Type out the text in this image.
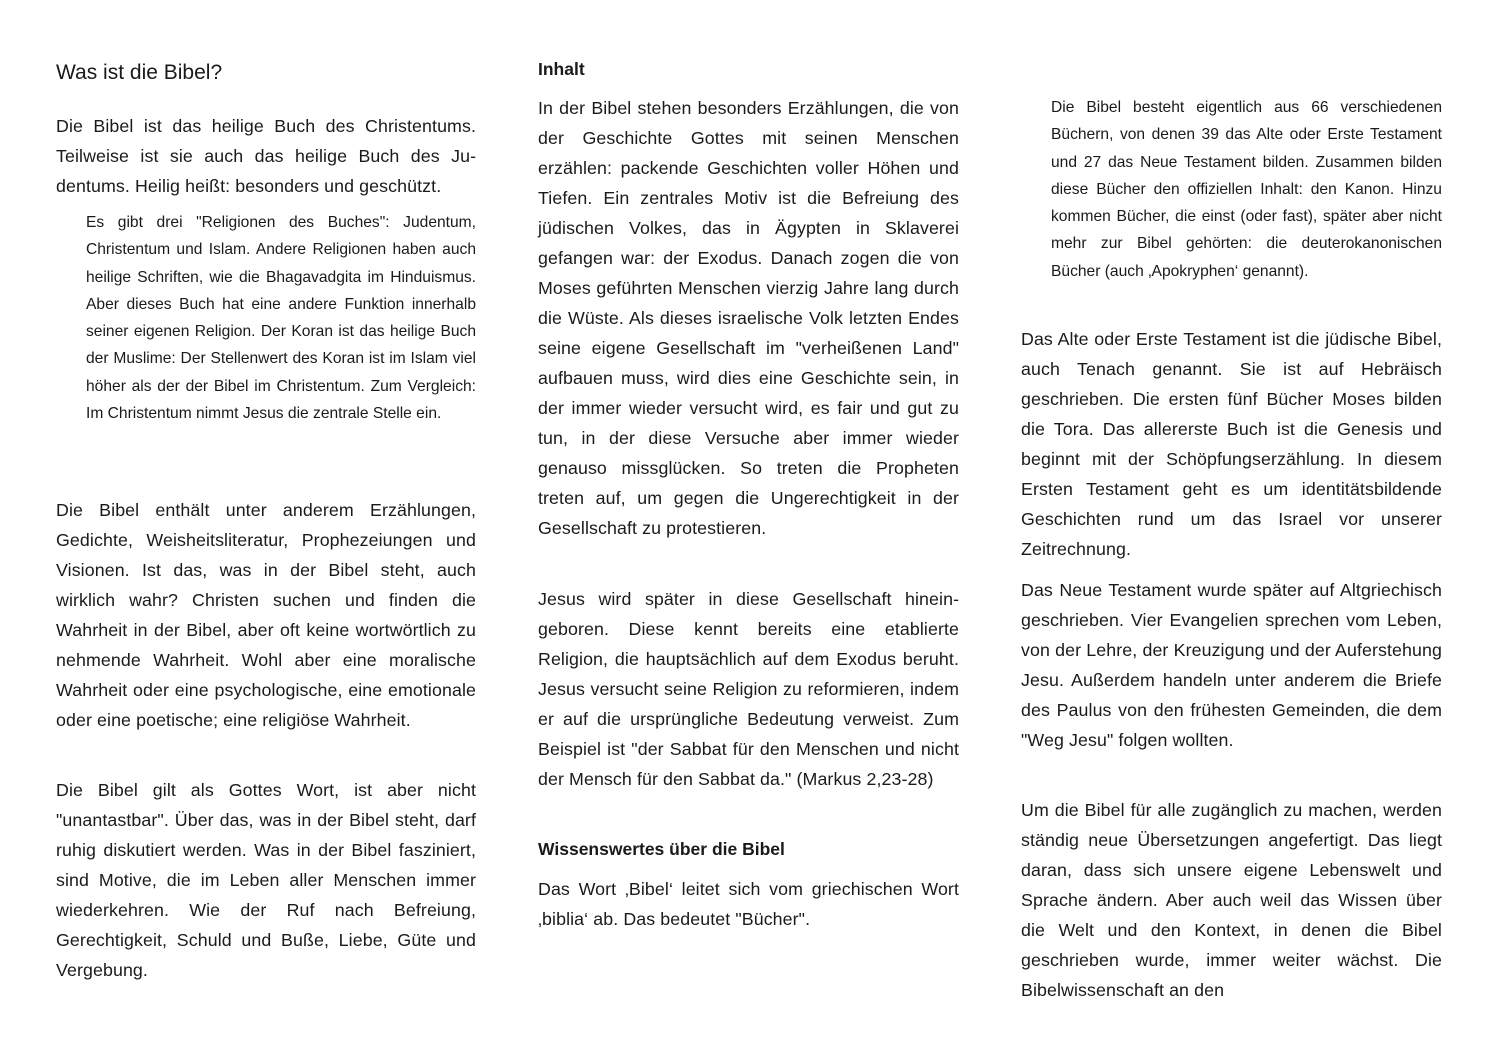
Was ist die Bibel?

Die Bibel ist das heilige Buch des Christentums. Teilweise ist sie auch das heilige Buch des Judentums. Heilig heißt: besonders und geschützt.

Es gibt drei "Religionen des Buches": Judentum, Christentum und Islam. Andere Religionen haben auch heilige Schriften, wie die Bhagavadgita im Hinduismus. Aber dieses Buch hat eine andere Funktion innerhalb seiner eigenen Religion. Der Koran ist das heilige Buch der Muslime: Der Stellenwert des Koran ist im Islam viel höher als der der Bibel im Christentum. Zum Vergleich: Im Christentum nimmt Jesus die zentrale Stelle ein.

Die Bibel enthält unter anderem Erzählungen, Gedichte, Weisheitsliteratur, Prophezeiungen und Visionen. Ist das, was in der Bibel steht, auch wirklich wahr? Christen suchen und finden die Wahrheit in der Bibel, aber oft keine wortwörtlich zu nehmende Wahrheit. Wohl aber eine moralische Wahrheit oder eine psychologische, eine emotionale oder eine poetische; eine religiöse Wahrheit.

Die Bibel gilt als Gottes Wort, ist aber nicht "unantastbar". Über das, was in der Bibel steht, darf ruhig diskutiert werden. Was in der Bibel fasziniert, sind Motive, die im Leben aller Menschen immer wiederkehren. Wie der Ruf nach Befreiung, Gerechtigkeit, Schuld und Buße, Liebe, Güte und Vergebung.

Inhalt

In der Bibel stehen besonders Erzählungen, die von der Geschichte Gottes mit seinen Menschen erzählen: packende Geschichten voller Höhen und Tiefen. Ein zentrales Motiv ist die Befreiung des jüdischen Volkes, das in Ägypten in Sklaverei gefangen war: der Exodus. Danach zogen die von Moses geführten Menschen vierzig Jahre lang durch die Wüste. Als dieses israelische Volk letzten Endes seine eigene Gesellschaft im "verheißenen Land" aufbauen muss, wird dies eine Geschichte sein, in der immer wieder versucht wird, es fair und gut zu tun, in der diese Versuche aber immer wieder genauso missglücken. So treten die Propheten treten auf, um gegen die Ungerechtigkeit in der Gesellschaft zu protestieren.

Jesus wird später in diese Gesellschaft hineingeboren. Diese kennt bereits eine etablierte Religion, die hauptsächlich auf dem Exodus beruht. Jesus versucht seine Religion zu reformieren, indem er auf die ursprüngliche Bedeutung verweist. Zum Beispiel ist "der Sabbat für den Menschen und nicht der Mensch für den Sabbat da." (Markus 2,23-28)

Wissenswertes über die Bibel

Das Wort ‚Bibel‘ leitet sich vom griechischen Wort ‚biblia‘ ab. Das bedeutet "Bücher".

Die Bibel besteht eigentlich aus 66 verschiedenen Büchern, von denen 39 das Alte oder Erste Testament und 27 das Neue Testament bilden. Zusammen bilden diese Bücher den offiziellen Inhalt: den Kanon. Hinzu kommen Bücher, die einst (oder fast), später aber nicht mehr zur Bibel gehörten: die deuterokanonischen Bücher (auch ‚Apokryphen‘ genannt).

Das Alte oder Erste Testament ist die jüdische Bibel, auch Tenach genannt. Sie ist auf Hebräisch geschrieben. Die ersten fünf Bücher Moses bilden die Tora. Das allererste Buch ist die Genesis und beginnt mit der Schöpfungserzählung. In diesem Ersten Testament geht es um identitätsbildende Geschichten rund um das Israel vor unserer Zeitrechnung.

Das Neue Testament wurde später auf Altgriechisch geschrieben. Vier Evangelien sprechen vom Leben, von der Lehre, der Kreuzigung und der Auferstehung Jesu. Außerdem handeln unter anderem die Briefe des Paulus von den frühesten Gemeinden, die dem "Weg Jesu" folgen wollten.

Um die Bibel für alle zugänglich zu machen, werden ständig neue Übersetzungen angefertigt. Das liegt daran, dass sich unsere eigene Lebenswelt und Sprache ändern. Aber auch weil das Wissen über die Welt und den Kontext, in denen die Bibel geschrieben wurde, immer weiter wächst. Die Bibelwissenschaft an den
